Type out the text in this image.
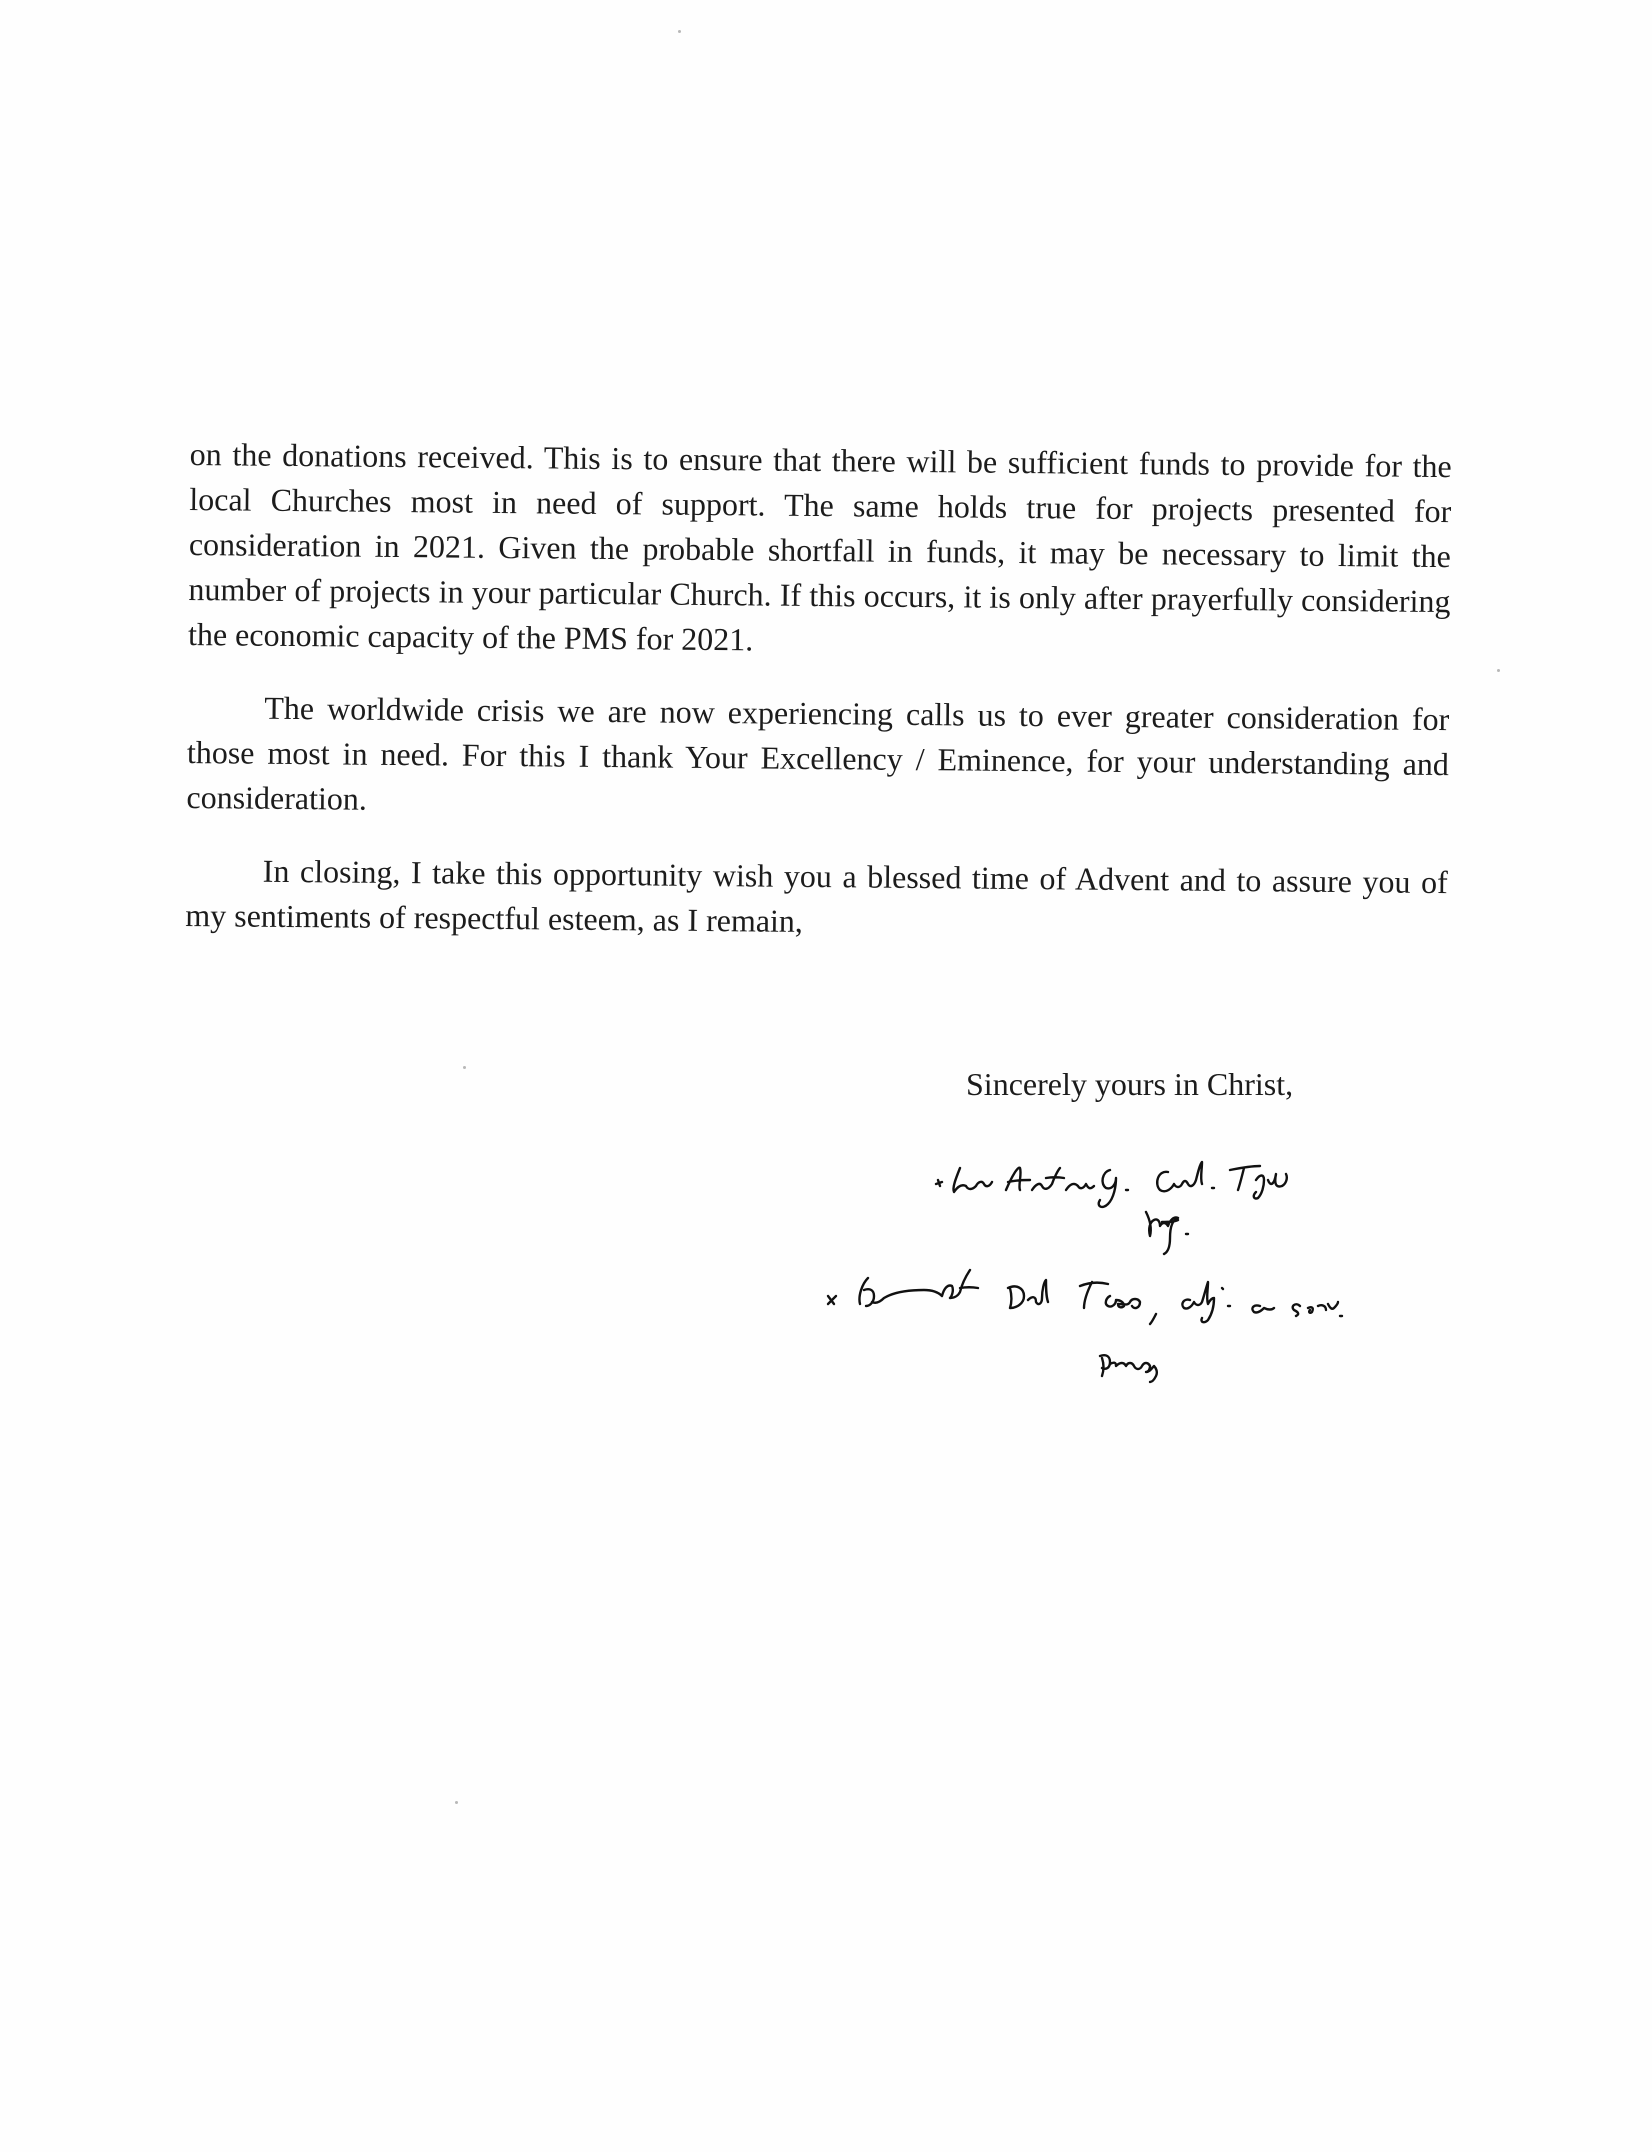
on the donations received. This is to ensure that there will be sufficient funds to provide for the local Churches most in need of support. The same holds true for projects presented for consideration in 2021. Given the probable shortfall in funds, it may be necessary to limit the number of projects in your particular Church. If this occurs, it is only after prayerfully considering the economic capacity of the PMS for 2021.

The worldwide crisis we are now experiencing calls us to ever greater consideration for those most in need. For this I thank Your Excellency / Eminence, for your understanding and consideration.

In closing, I take this opportunity wish you a blessed time of Advent and to assure you of my sentiments of respectful esteem, as I remain,

Sincerely yours in Christ,
